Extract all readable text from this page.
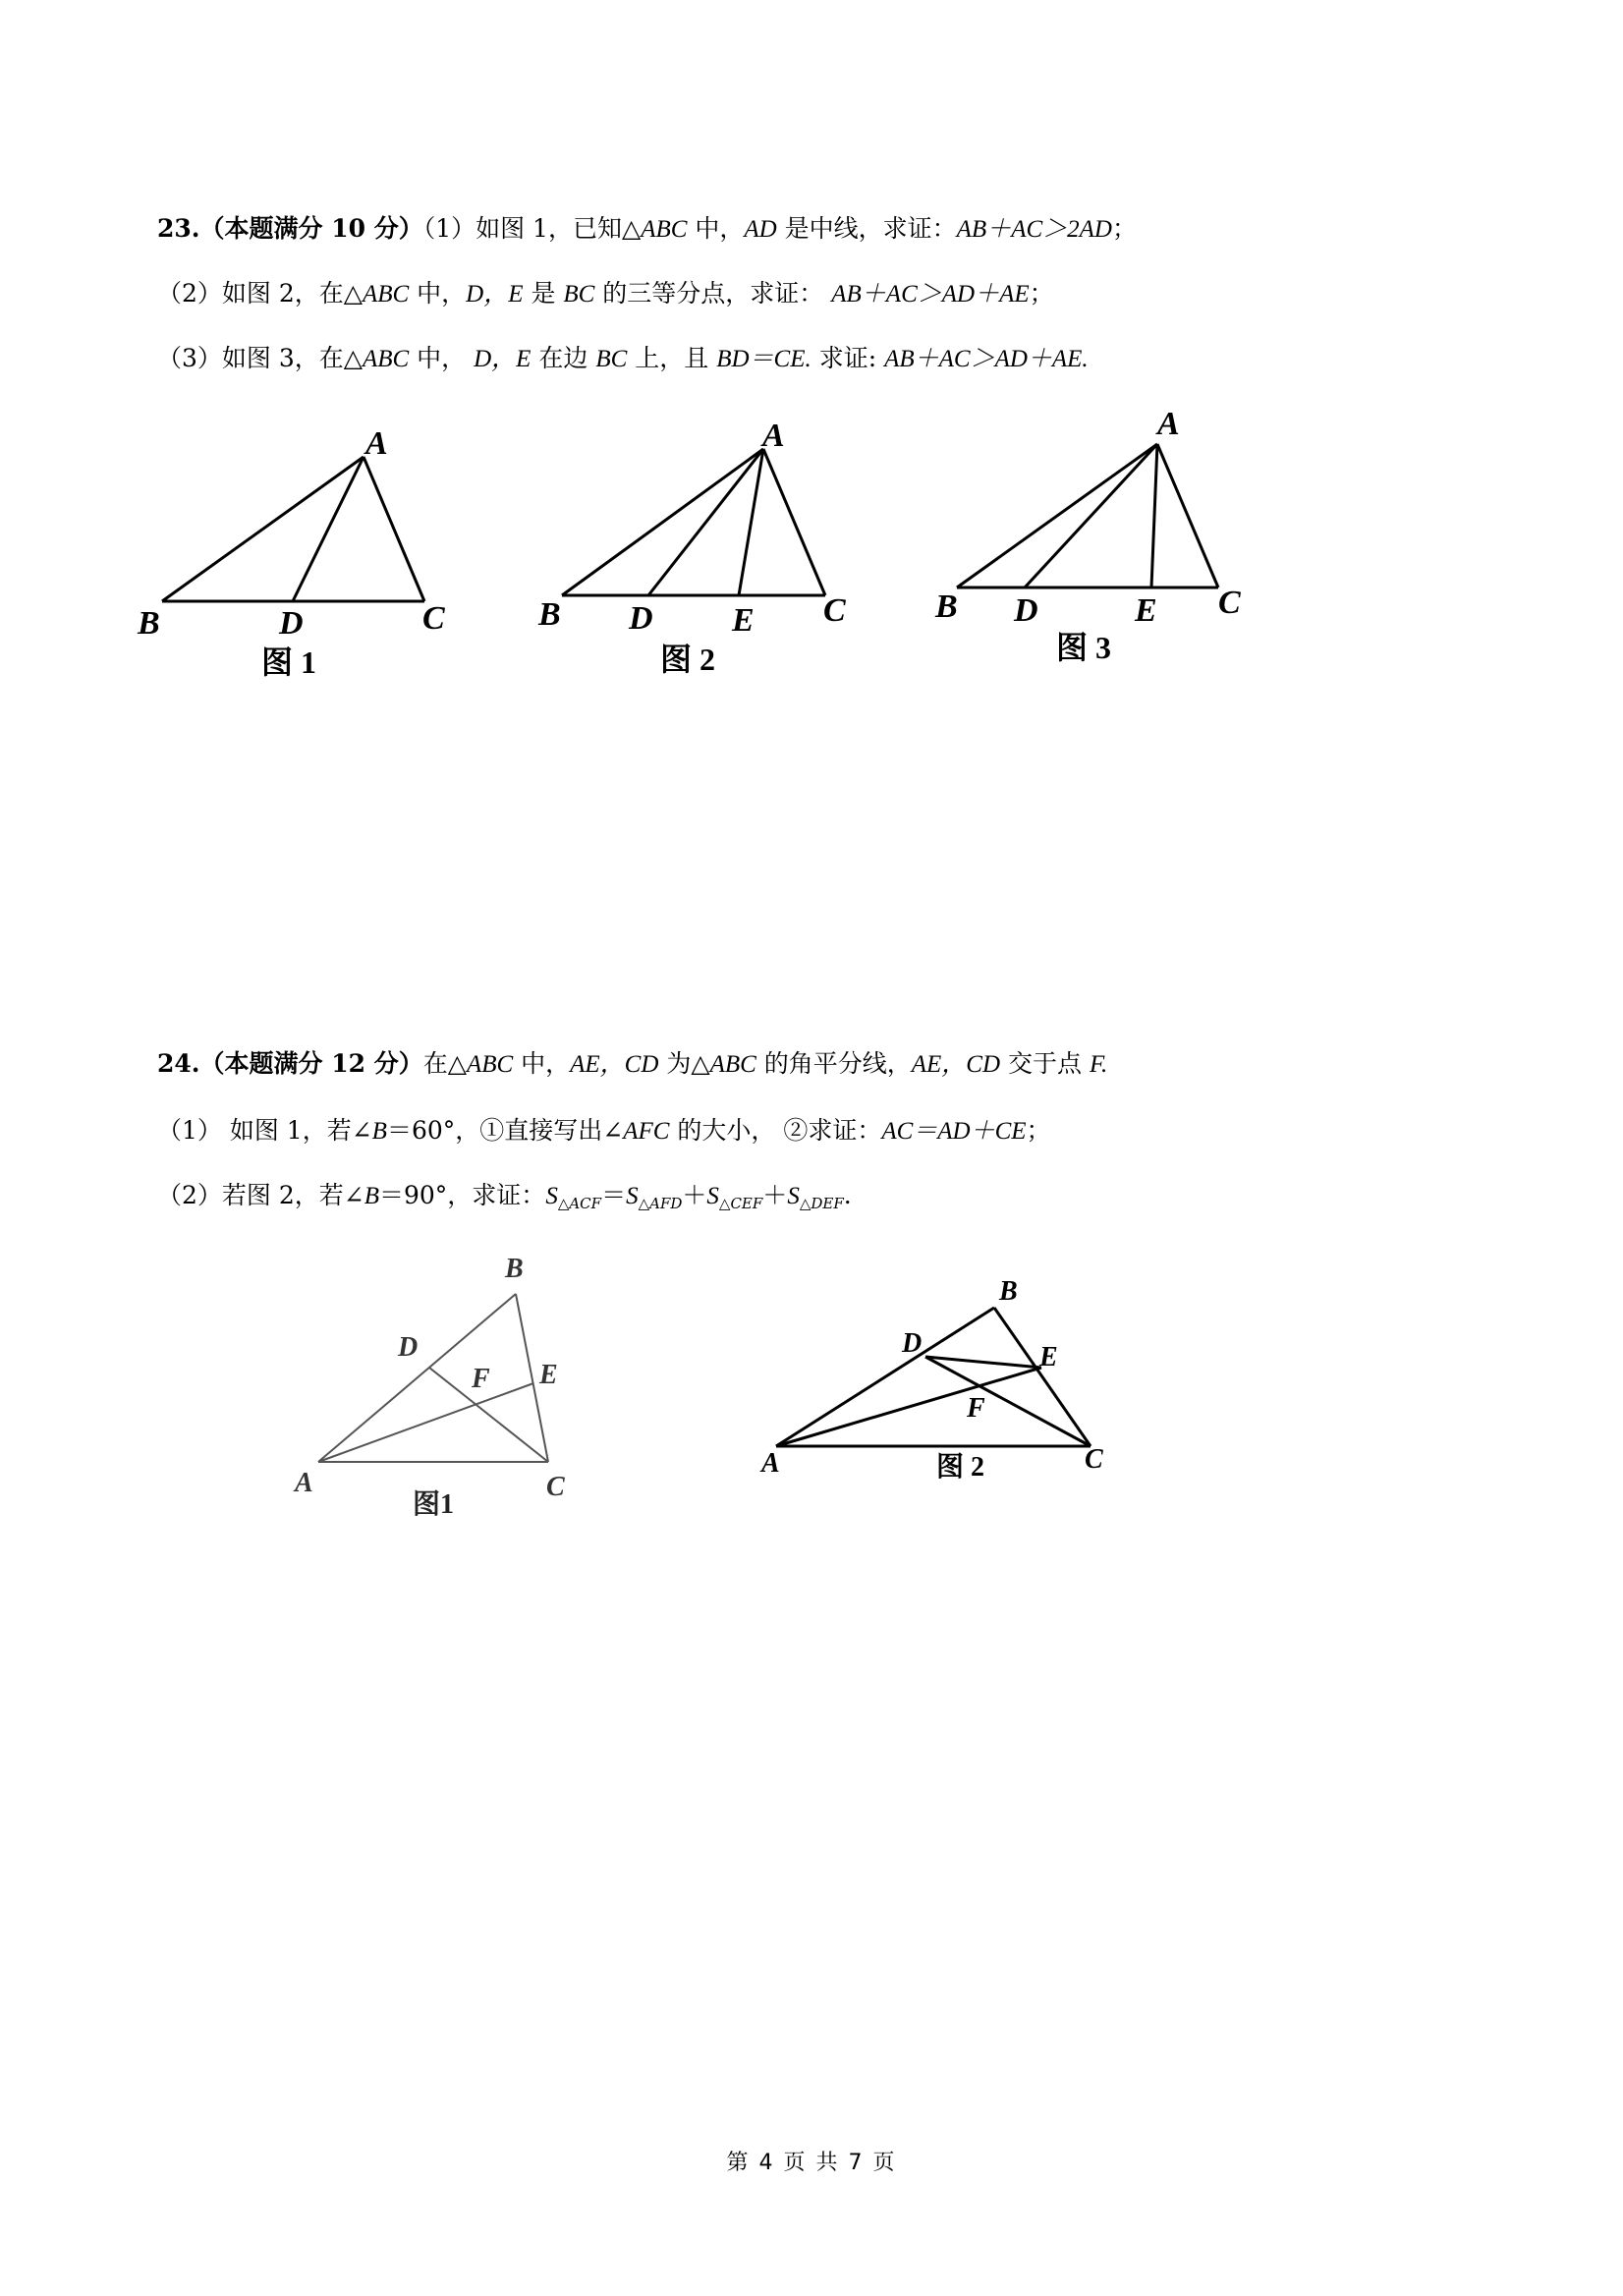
23.（本题满分 10 分）（1）如图 1，已知△ABC 中，AD 是中线，求证：AB＋AC＞2AD；
（2）如图 2，在△ABC 中，D，E 是 BC 的三等分点，求证： AB＋AC＞AD＋AE；
（3）如图 3，在△ABC 中， D，E 在边 BC 上，且 BD＝CE. 求证: AB＋AC＞AD＋AE.
A
B	D	C
图 1
A
B D E C
图 2
A
B D	E C
图 3
24.（本题满分 12 分）在△ABC 中，AE，CD 为△ABC 的角平分线，AE，CD 交于点 F.
（1） 如图 1，若∠B＝60°，①直接写出∠AFC 的大小， ②求证：AC＝AD＋CE；
（2）若图 2，若∠B＝90°，求证：$S_{\triangle ACF}=S_{\triangle AFD}+S_{\triangle CEF}+S_{\triangle DEF}$.
B
D
F E
A	C
图1
B
D	E
F
A	C
图 2
第 4 页 共 7 页
